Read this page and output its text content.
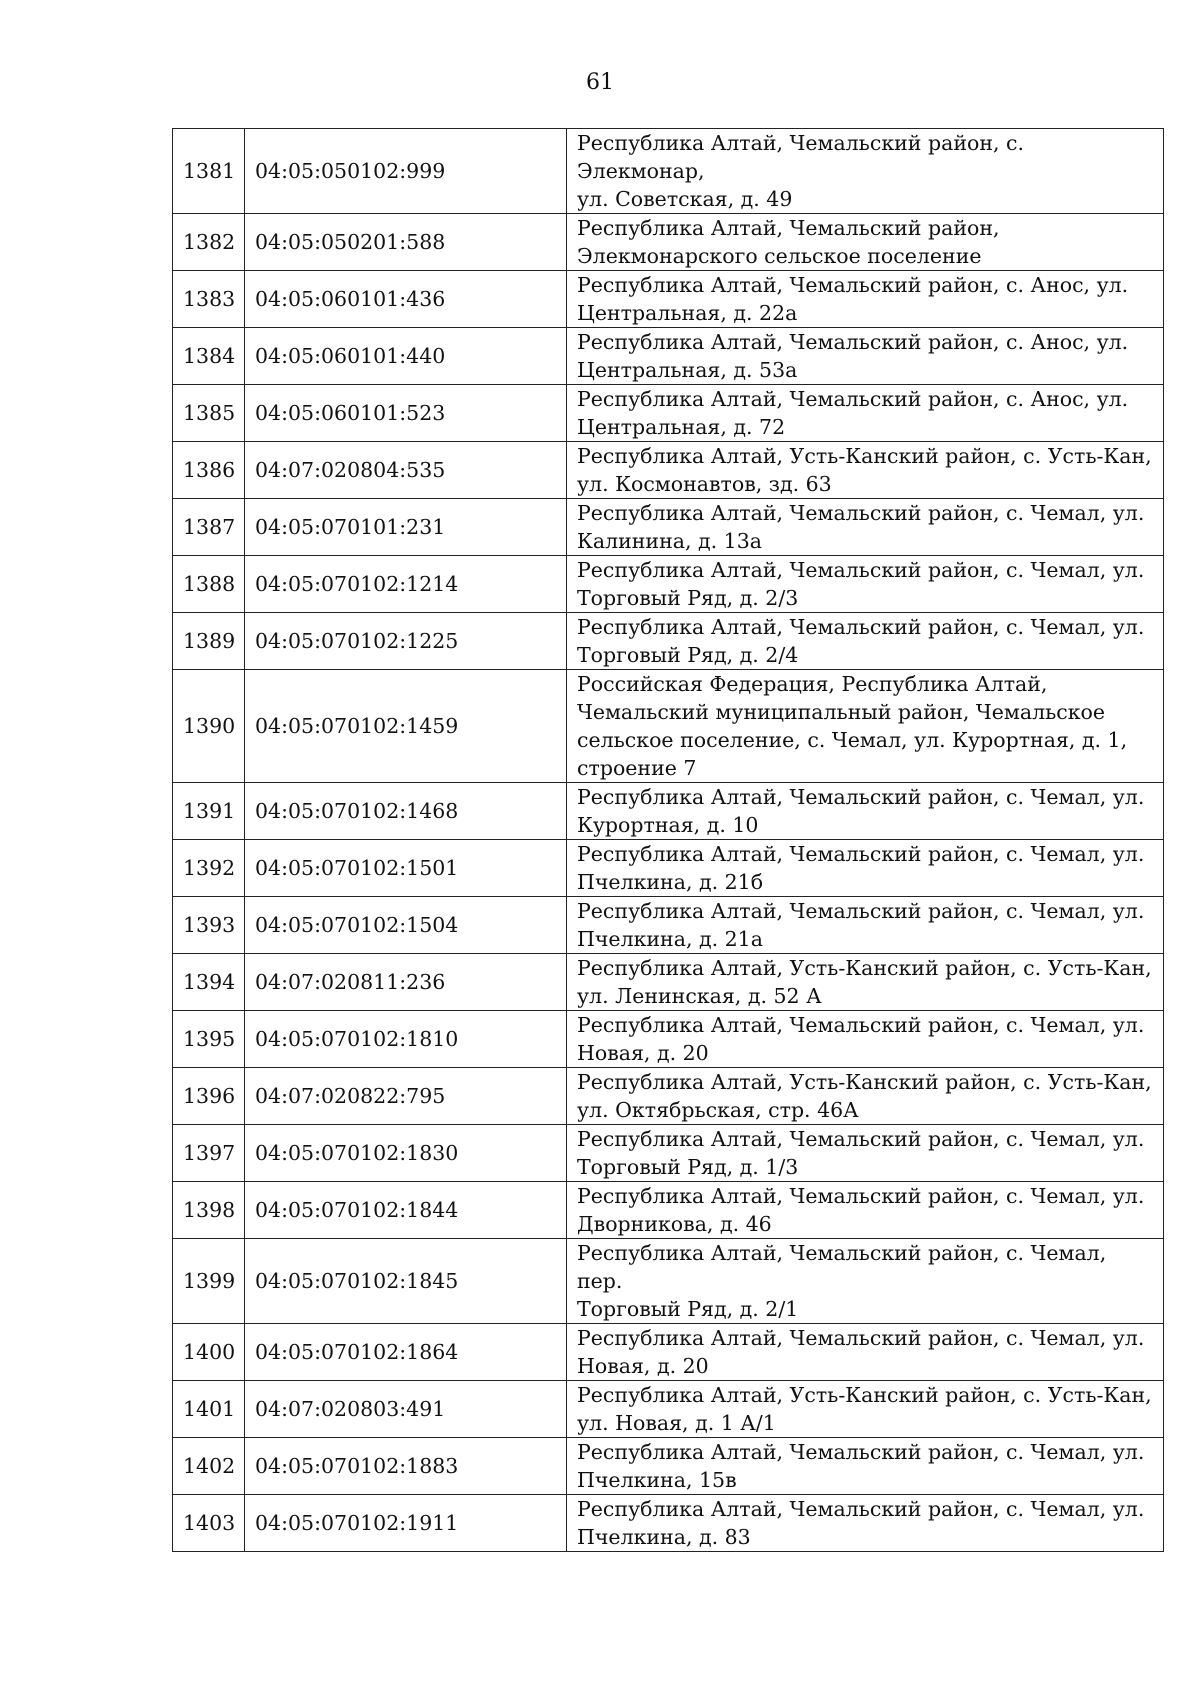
61
1381	04:05:050102:999	Республика Алтай, Чемальский район, с. Элекмонар,
ул. Советская, д. 49
1382	04:05:050201:588	Республика Алтай, Чемальский район,
Элекмонарского сельское поселение
1383	04:05:060101:436	Республика Алтай, Чемальский район, с. Анос, ул.
Центральная, д. 22а
1384	04:05:060101:440	Республика Алтай, Чемальский район, с. Анос, ул.
Центральная, д. 53а
1385	04:05:060101:523	Республика Алтай, Чемальский район, с. Анос, ул.
Центральная, д. 72
1386	04:07:020804:535	Республика Алтай, Усть-Канский район, с. Усть-Кан,
ул. Космонавтов, зд. 63
1387	04:05:070101:231	Республика Алтай, Чемальский район, с. Чемал, ул.
Калинина, д. 13а
1388	04:05:070102:1214	Республика Алтай, Чемальский район, с. Чемал, ул.
Торговый Ряд, д. 2/3
1389	04:05:070102:1225	Республика Алтай, Чемальский район, с. Чемал, ул.
Торговый Ряд, д. 2/4
1390	04:05:070102:1459	Российская Федерация, Республика Алтай,
Чемальский муниципальный район, Чемальское
сельское поселение, с. Чемал, ул. Курортная, д. 1,
строение 7
1391	04:05:070102:1468	Республика Алтай, Чемальский район, с. Чемал, ул.
Курортная, д. 10
1392	04:05:070102:1501	Республика Алтай, Чемальский район, с. Чемал, ул.
Пчелкина, д. 21б
1393	04:05:070102:1504	Республика Алтай, Чемальский район, с. Чемал, ул.
Пчелкина, д. 21а
1394	04:07:020811:236	Республика Алтай, Усть-Канский район, с. Усть-Кан,
ул. Ленинская, д. 52 А
1395	04:05:070102:1810	Республика Алтай, Чемальский район, с. Чемал, ул.
Новая, д. 20
1396	04:07:020822:795	Республика Алтай, Усть-Канский район, с. Усть-Кан,
ул. Октябрьская, стр. 46А
1397	04:05:070102:1830	Республика Алтай, Чемальский район, с. Чемал, ул.
Торговый Ряд, д. 1/3
1398	04:05:070102:1844	Республика Алтай, Чемальский район, с. Чемал, ул.
Дворникова, д. 46
1399	04:05:070102:1845	Республика Алтай, Чемальский район, с. Чемал, пер.
Торговый Ряд, д. 2/1
1400	04:05:070102:1864	Республика Алтай, Чемальский район, с. Чемал, ул.
Новая, д. 20
1401	04:07:020803:491	Республика Алтай, Усть-Канский район, с. Усть-Кан,
ул. Новая, д. 1 А/1
1402	04:05:070102:1883	Республика Алтай, Чемальский район, с. Чемал, ул.
Пчелкина, 15в
1403	04:05:070102:1911	Республика Алтай, Чемальский район, с. Чемал, ул.
Пчелкина, д. 83
